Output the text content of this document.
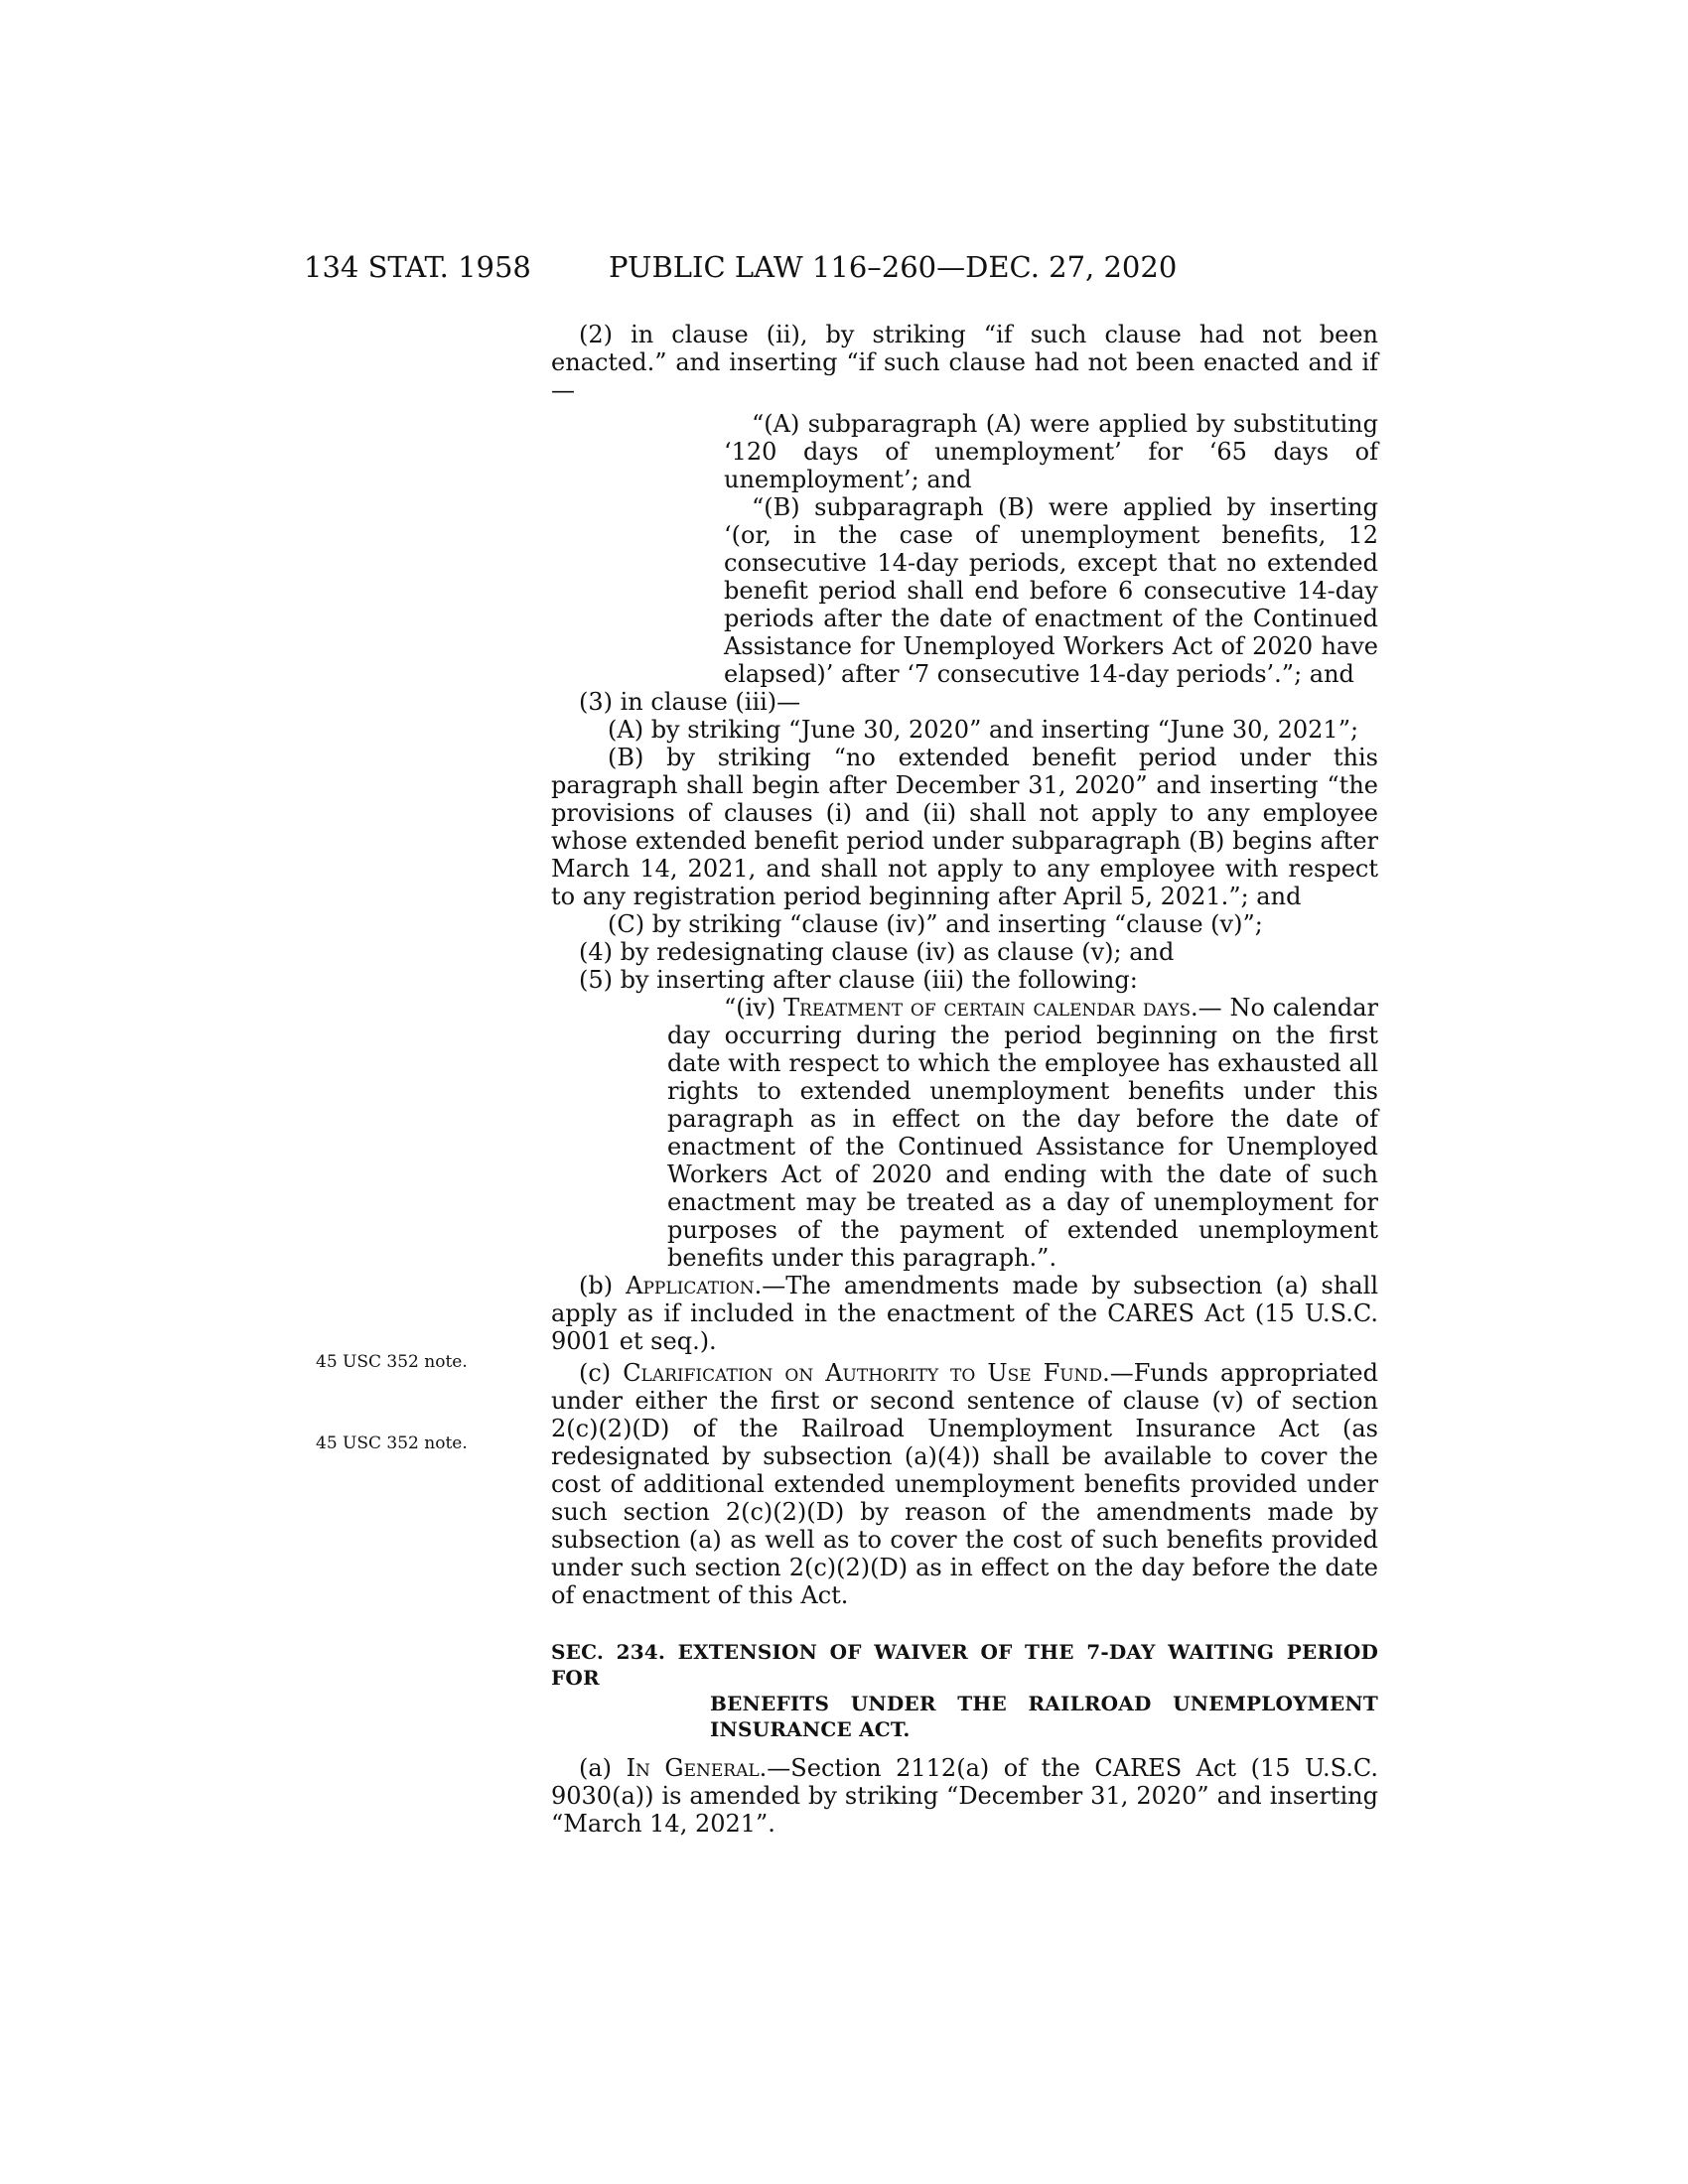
134 STAT. 1958	PUBLIC LAW 116–260—DEC. 27, 2020
45 USC 352 note.
45 USC 352 note.

(2) in clause (ii), by striking “if such clause had not been enacted.” and inserting “if such clause had not been enacted and if—

“(A) subparagraph (A) were applied by substituting ‘120 days of unemployment’ for ‘65 days of unemployment’; and

“(B) subparagraph (B) were applied by inserting ‘(or, in the case of unemployment benefits, 12 consecutive 14-day periods, except that no extended benefit period shall end before 6 consecutive 14-day periods after the date of enactment of the Continued Assistance for Unemployed Workers Act of 2020 have elapsed)’ after ‘7 consecutive 14-day periods’.”; and

(3) in clause (iii)—

(A) by striking “June 30, 2020” and inserting “June 30, 2021”;

(B) by striking “no extended benefit period under this paragraph shall begin after December 31, 2020” and inserting “the provisions of clauses (i) and (ii) shall not apply to any employee whose extended benefit period under subparagraph (B) begins after March 14, 2021, and shall not apply to any employee with respect to any registration period beginning after April 5, 2021.”; and

(C) by striking “clause (iv)” and inserting “clause (v)”;

(4) by redesignating clause (iv) as clause (v); and

(5) by inserting after clause (iii) the following:

“(iv) Treatment of certain calendar days.— No calendar day occurring during the period beginning on the first date with respect to which the employee has exhausted all rights to extended unemployment benefits under this paragraph as in effect on the day before the date of enactment of the Continued Assistance for Unemployed Workers Act of 2020 and ending with the date of such enactment may be treated as a day of unemployment for purposes of the payment of extended unemployment benefits under this paragraph.”.

(b) Application.—The amendments made by subsection (a) shall apply as if included in the enactment of the CARES Act (15 U.S.C. 9001 et seq.).

(c) Clarification on Authority to Use Fund.—Funds appropriated under either the first or second sentence of clause (v) of section 2(c)(2)(D) of the Railroad Unemployment Insurance Act (as redesignated by subsection (a)(4)) shall be available to cover the cost of additional extended unemployment benefits provided under such section 2(c)(2)(D) by reason of the amendments made by subsection (a) as well as to cover the cost of such benefits provided under such section 2(c)(2)(D) as in effect on the day before the date of enactment of this Act.

SEC. 234. EXTENSION OF WAIVER OF THE 7-DAY WAITING PERIOD FOR
BENEFITS UNDER THE RAILROAD UNEMPLOYMENT INSURANCE ACT.

(a) In General.—Section 2112(a) of the CARES Act (15 U.S.C. 9030(a)) is amended by striking “December 31, 2020” and inserting “March 14, 2021”.
